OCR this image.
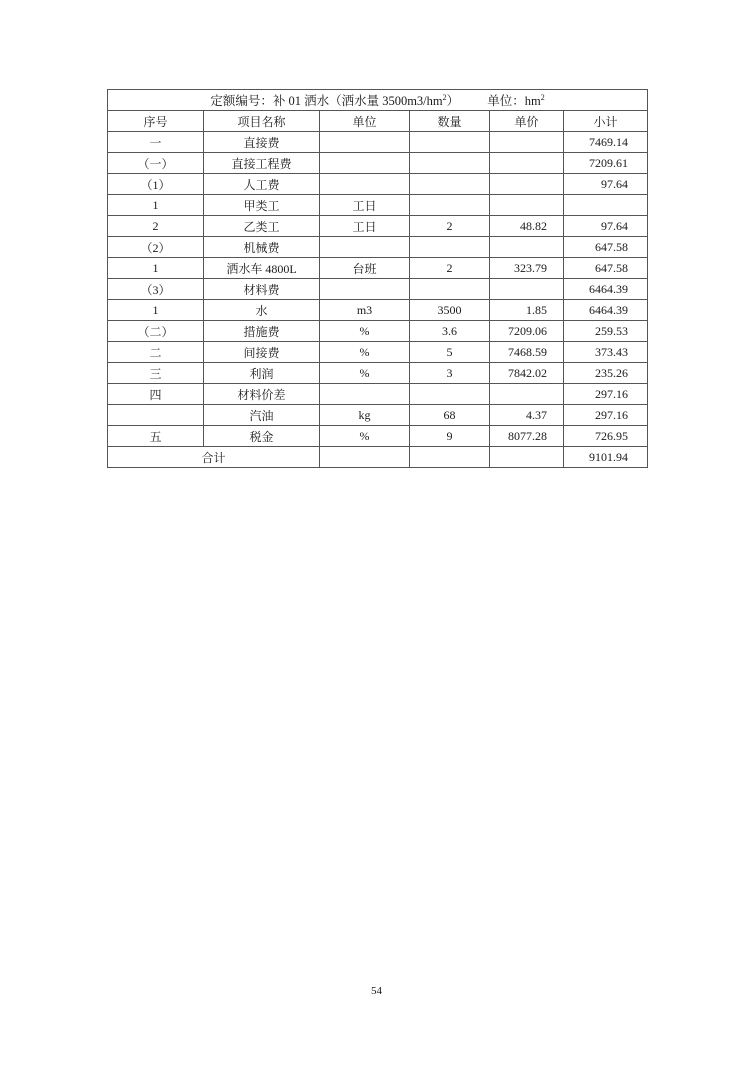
定额编号：补 01 洒水（洒水量 $3500m3/hm^2$） 单位：$hm^2$
序号	项目名称	单位	数量	单价	小计
一	直接费				7469.14
（一）	直接工程费				7209.61
（1）	人工费				97.64
1	甲类工	工日			
2	乙类工	工日	2	48.82	97.64
（2）	机械费				647.58
1	洒水车 4800L	台班	2	323.79	647.58
（3）	材料费				6464.39
1	水	m3	3500	1.85	6464.39
（二）	措施费	%	3.6	7209.06	259.53
二	间接费	%	5	7468.59	373.43
三	利润	%	3	7842.02	235.26
四	材料价差				297.16
	汽油	kg	68	4.37	297.16
五	税金	%	9	8077.28	726.95
合计					9101.94
54
